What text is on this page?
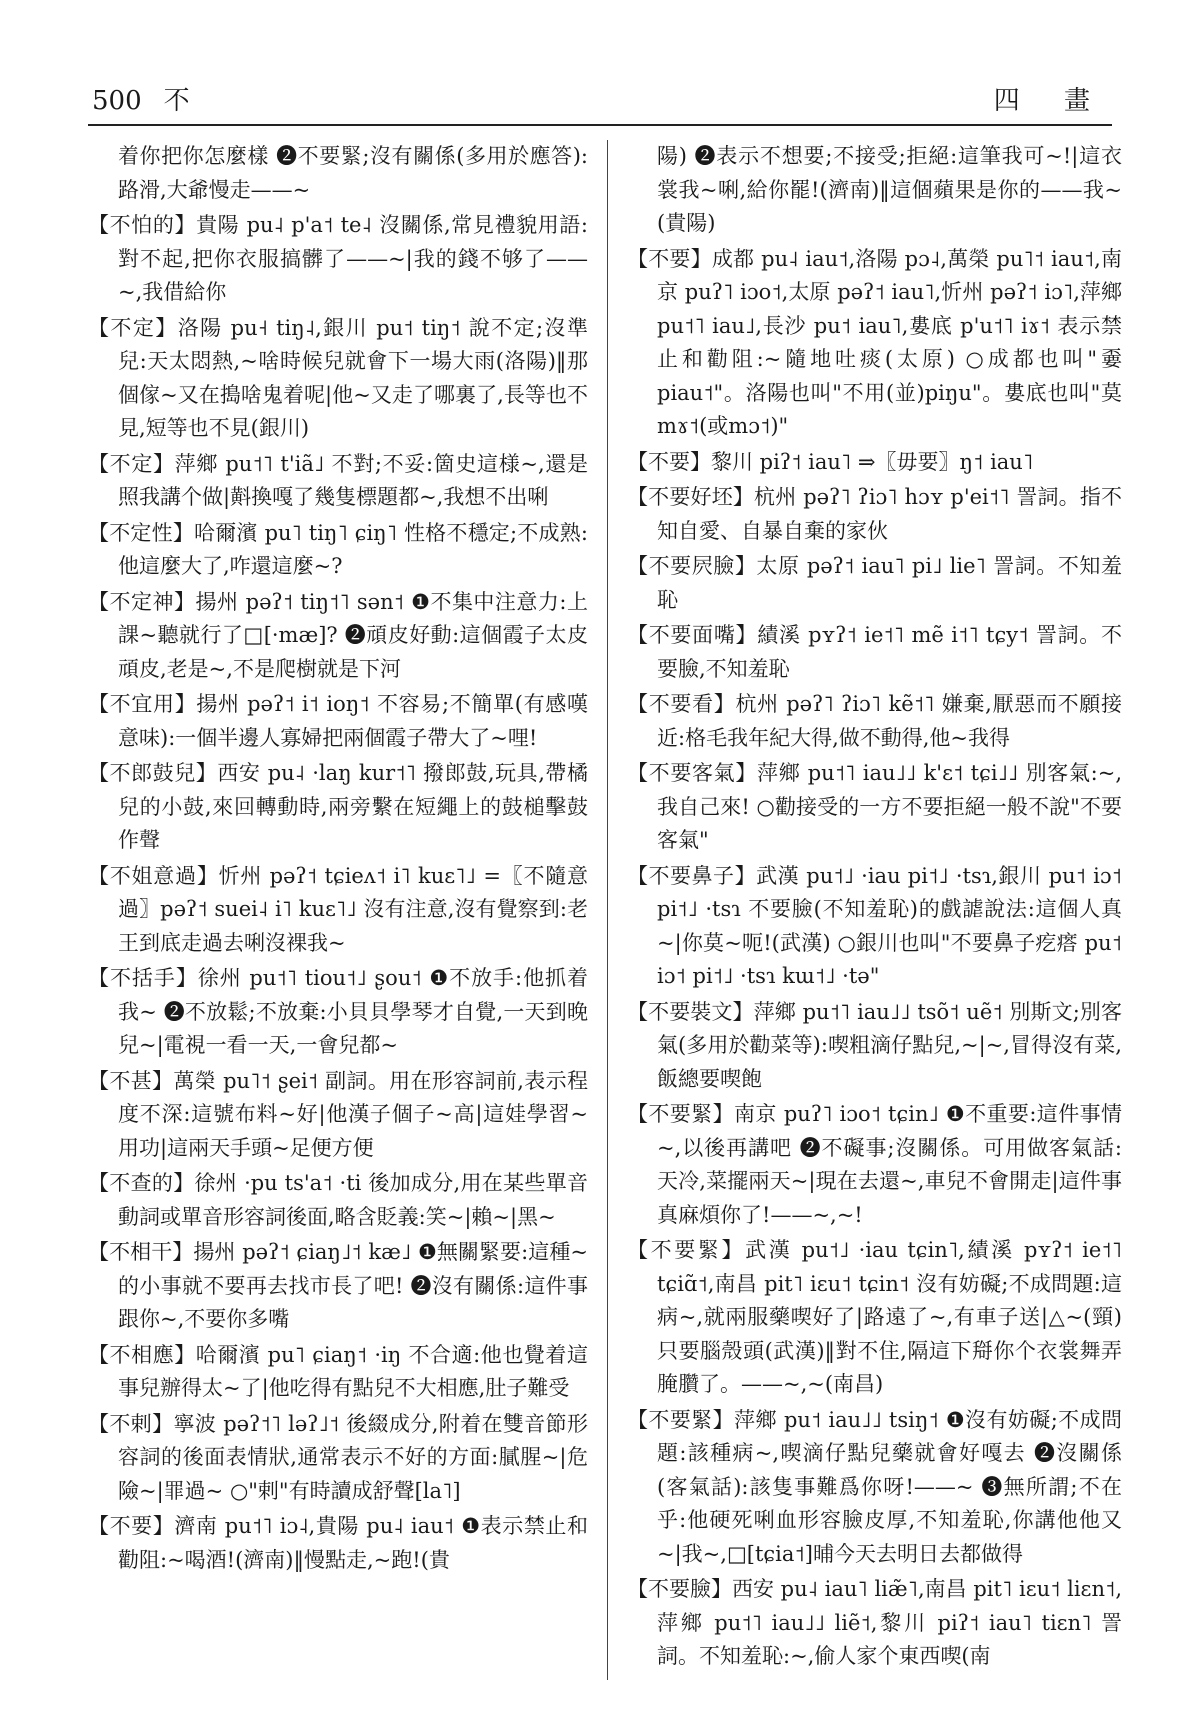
500 不	四 畫

着你把你怎麼樣 ❷不要緊;沒有關係(多用於應答):路滑,大爺慢走——~

【不怕的】貴陽 pu˨ p'a˦ te˨ 沒關係,常見禮貌用語:對不起,把你衣服搞髒了——~|我的錢不够了——~,我借給你

【不定】洛陽 pu˧ tiŋ˨,銀川 pu˦ tiŋ˦ 說不定;沒準兒:天太悶熱,~啥時候兒就會下一場大雨(洛陽)‖那個傢~又在搗啥鬼着呢|他~又走了哪裏了,長等也不見,短等也不見(銀川)

【不定】萍鄉 pu˦˥ t'iã˩ 不對;不妥:箇史這様~,還是照我講个做|斢換嘎了幾隻標題都~,我想不出唎

【不定性】哈爾濱 pu˥ tiŋ˥ ɕiŋ˥ 性格不穩定;不成熟:他這麼大了,咋還這麼~?

【不定神】揚州 pəʔ˦ tiŋ˦˥ sən˦ ❶不集中注意力:上課~聽就行了□[·mæ]? ❷頑皮好動:這個霞子太皮頑皮,老是~,不是爬樹就是下河

【不宜用】揚州 pəʔ˦ i˦ ioŋ˦ 不容易;不簡單(有感嘆意味):一個半邊人寡婦把兩個霞子帶大了~哩!

【不郎鼓兒】西安 pu˨ ·laŋ kur˦˥ 撥郎鼓,玩具,帶橘兒的小鼓,來回轉動時,兩旁繫在短繩上的鼓槌擊鼓作聲

【不姐意過】忻州 pəʔ˦ tɕieʌ˦ i˥ kuɛ˥˩ =〖不隨意過〗pəʔ˦ suei˨ i˥ kuɛ˥˩ 沒有注意,沒有覺察到:老王到底走過去唎沒裸我~

【不括手】徐州 pu˦˥ tiou˦˩ ʂou˦ ❶不放手:他抓着我~ ❷不放鬆;不放棄:小貝貝學琴才自覺,一天到晚兒~|電視一看一天,一會兒都~

【不甚】萬榮 pu˥˦ ʂei˦ 副詞。用在形容詞前,表示程度不深:這號布料~好|他漢子個子~高|這娃學習~用功|這兩天手頭~足便方便

【不查的】徐州 ·pu ts'a˦ ·ti 後加成分,用在某些單音動詞或單音形容詞後面,略含貶義:笑~|賴~|黑~

【不相干】揚州 pəʔ˦ ɕiaŋ˩˦ kæ˩ ❶無關緊要:這種~的小事就不要再去找市長了吧! ❷沒有關係:這件事跟你~,不要你多嘴

【不相應】哈爾濱 pu˥ ɕiaŋ˦ ·iŋ 不合適:他也覺着這事兒辦得太~了|他吃得有點兒不大相應,肚子難受

【不剌】寧波 pəʔ˦˥ ləʔ˩˦ 後綴成分,附着在雙音節形容詞的後面表情狀,通常表示不好的方面:膩腥~|危險~|罪過~ ○"剌"有時讀成舒聲[la˥]

【不要】濟南 pu˦˥ iɔ˨,貴陽 pu˨ iau˦ ❶表示禁止和勸阻:~喝酒!(濟南)‖慢點走,~跑!(貴

陽) ❷表示不想要;不接受;拒絕:這筆我可~!|這衣裳我~唎,給你罷!(濟南)‖這個蘋果是你的——我~(貴陽)

【不要】成都 pu˨ iau˦,洛陽 pɔ˨,萬榮 pu˥˦ iau˦,南京 puʔ˥ iɔo˦,太原 pəʔ˦ iau˥,忻州 pəʔ˦ iɔ˥,萍鄉 pu˦˥ iau˩,長沙 pu˦ iau˥,婁底 p'u˦˥ iɤ˦ 表示禁止和勸阻:~隨地吐痰(太原) ○成都也叫"嫑 piau˦"。洛陽也叫"不用(並)piŋu"。婁底也叫"莫 mɤ˦(或mɔ˦)"

【不要】黎川 piʔ˦ iau˥ ⇒〖毋要〗ŋ˦ iau˥

【不要好坯】杭州 pəʔ˥ ʔiɔ˥ hɔʏ p'ei˦˥ 詈詞。指不知自愛、自暴自棄的家伙

【不要屄臉】太原 pəʔ˦ iau˥ pi˩ lie˥ 詈詞。不知羞恥

【不要面嘴】績溪 pʏʔ˦ ie˦˥ mẽ i˦˥ tɕy˦ 詈詞。不要臉,不知羞恥

【不要看】杭州 pəʔ˥ ʔiɔ˥ kẽ˦˥ 嫌棄,厭惡而不願接近:格毛我年紀大得,做不動得,他~我得

【不要客氣】萍鄉 pu˦˥ iau˩˩ k'ɛ˦ tɕi˩˩ 別客氣:~,我自己來! ○勸接受的一方不要拒絕一般不說"不要客氣"

【不要鼻子】武漢 pu˦˩ ·iau pi˦˩ ·tsɿ,銀川 pu˦ iɔ˦ pi˦˩ ·tsɿ 不要臉(不知羞恥)的戲謔說法:這個人真~|你莫~呃!(武漢) ○銀川也叫"不要鼻子疙瘩 pu˦ iɔ˦ pi˦˩ ·tsɿ kɯ˦˩ ·tə"

【不要裝文】萍鄉 pu˦˥ iau˩˩ tsõ˦ uẽ˦ 別斯文;別客氣(多用於勸菜等):喫粗滴仔點兒,~|~,冒得沒有菜,飯總要喫飽

【不要緊】南京 puʔ˥ iɔo˦ tɕin˩ ❶不重要:這件事情~,以後再講吧 ❷不礙事;沒關係。可用做客氣話:天冷,菜擺兩天~|現在去還~,車兒不會開走|這件事真麻煩你了!——~,~!

【不要緊】武漢 pu˦˩ ·iau tɕin˥,績溪 pʏʔ˦ ie˦˥ tɕiɑ̃˦,南昌 pit˥ iɛu˦ tɕin˦ 沒有妨礙;不成問題:這病~,就兩服藥喫好了|路遠了~,有車子送|△~(頸)只要腦殼頭(武漢)‖對不住,隔這下搿你个衣裳舞弄腌臢了。——~,~(南昌)

【不要緊】萍鄉 pu˦ iau˩˩ tsiŋ˦ ❶沒有妨礙;不成問題:該種病~,喫滴仔點兒藥就會好嘎去 ❷沒關係(客氣話):該隻事難爲你呀!——~ ❸無所謂;不在乎:他硬死唎血形容臉皮厚,不知羞恥,你講他他又~|我~,□[tɕia˦]晡今天去明日去都做得

【不要臉】西安 pu˨ iau˥ liæ̃˥,南昌 pit˥ iɛu˦ liɛn˦,萍鄉 pu˦˥ iau˩˩ liẽ˦,黎川 piʔ˦ iau˥ tiɛn˥ 詈詞。不知羞恥:~,偷人家个東西喫(南
